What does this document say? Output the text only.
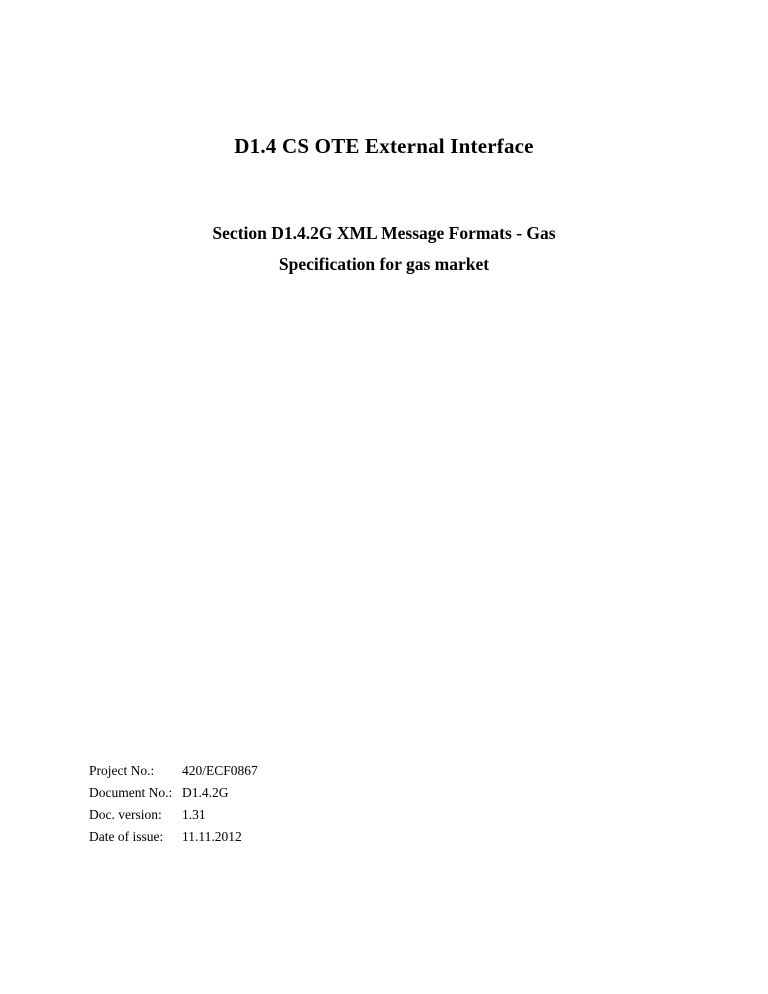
D1.4 CS OTE External Interface
Section D1.4.2G XML Message Formats - Gas
Specification for gas market
Project No.:	420/ECF0867
Document No.: D1.4.2G
Doc. version:	1.31
Date of issue:	11.11.2012
